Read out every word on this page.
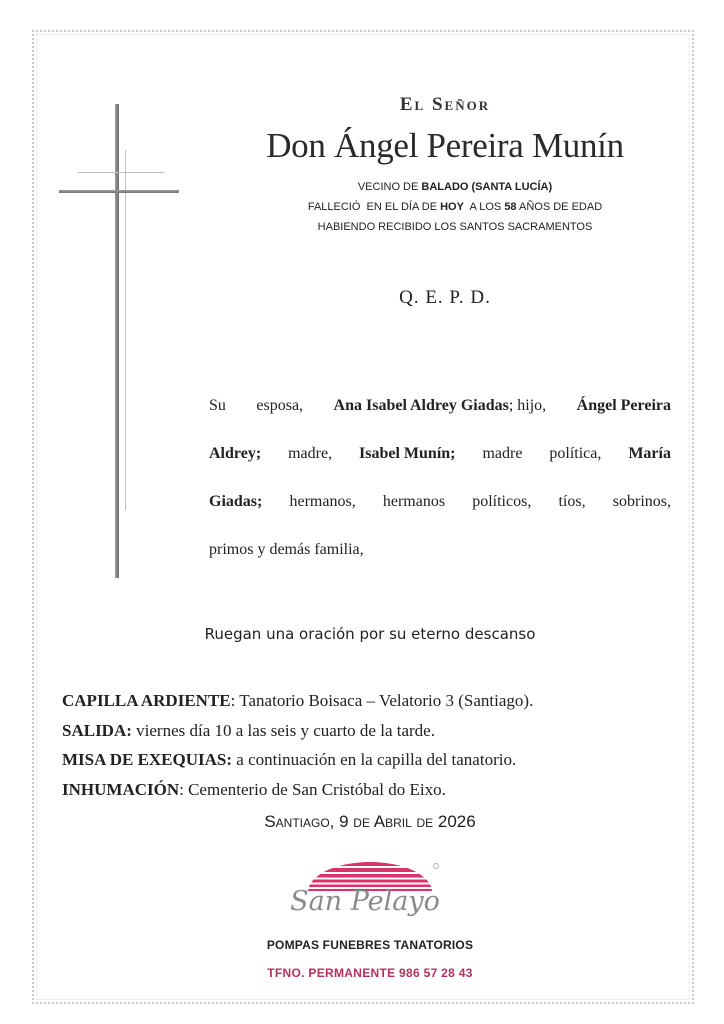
El Señor
Don Ángel Pereira Munín
VECINO DE BALADO (SANTA LUCÍA)
FALLECIÓ  EN EL DÍA DE HOY  A LOS 58 AÑOS DE EDAD
HABIENDO RECIBIDO LOS SANTOS SACRAMENTOS
Q. E. P. D.
Su esposa, Ana Isabel Aldrey Giadas; hijo, Ángel Pereira
Aldrey; madre, Isabel Munín; madre política, María
Giadas; hermanos, hermanos políticos, tíos, sobrinos,
primos y demás familia,
Ruegan una oración por su eterno descanso
CAPILLA ARDIENTE: Tanatorio Boisaca – Velatorio 3 (Santiago).
SALIDA: viernes día 10 a las seis y cuarto de la tarde.
MISA DE EXEQUIAS: a continuación en la capilla del tanatorio.
INHUMACIÓN: Cementerio de San Cristóbal do Eixo.
Santiago, 9 de Abril de 2026
San Pelayo
POMPAS FUNEBRES TANATORIOS
TFNO. PERMANENTE 986 57 28 43
